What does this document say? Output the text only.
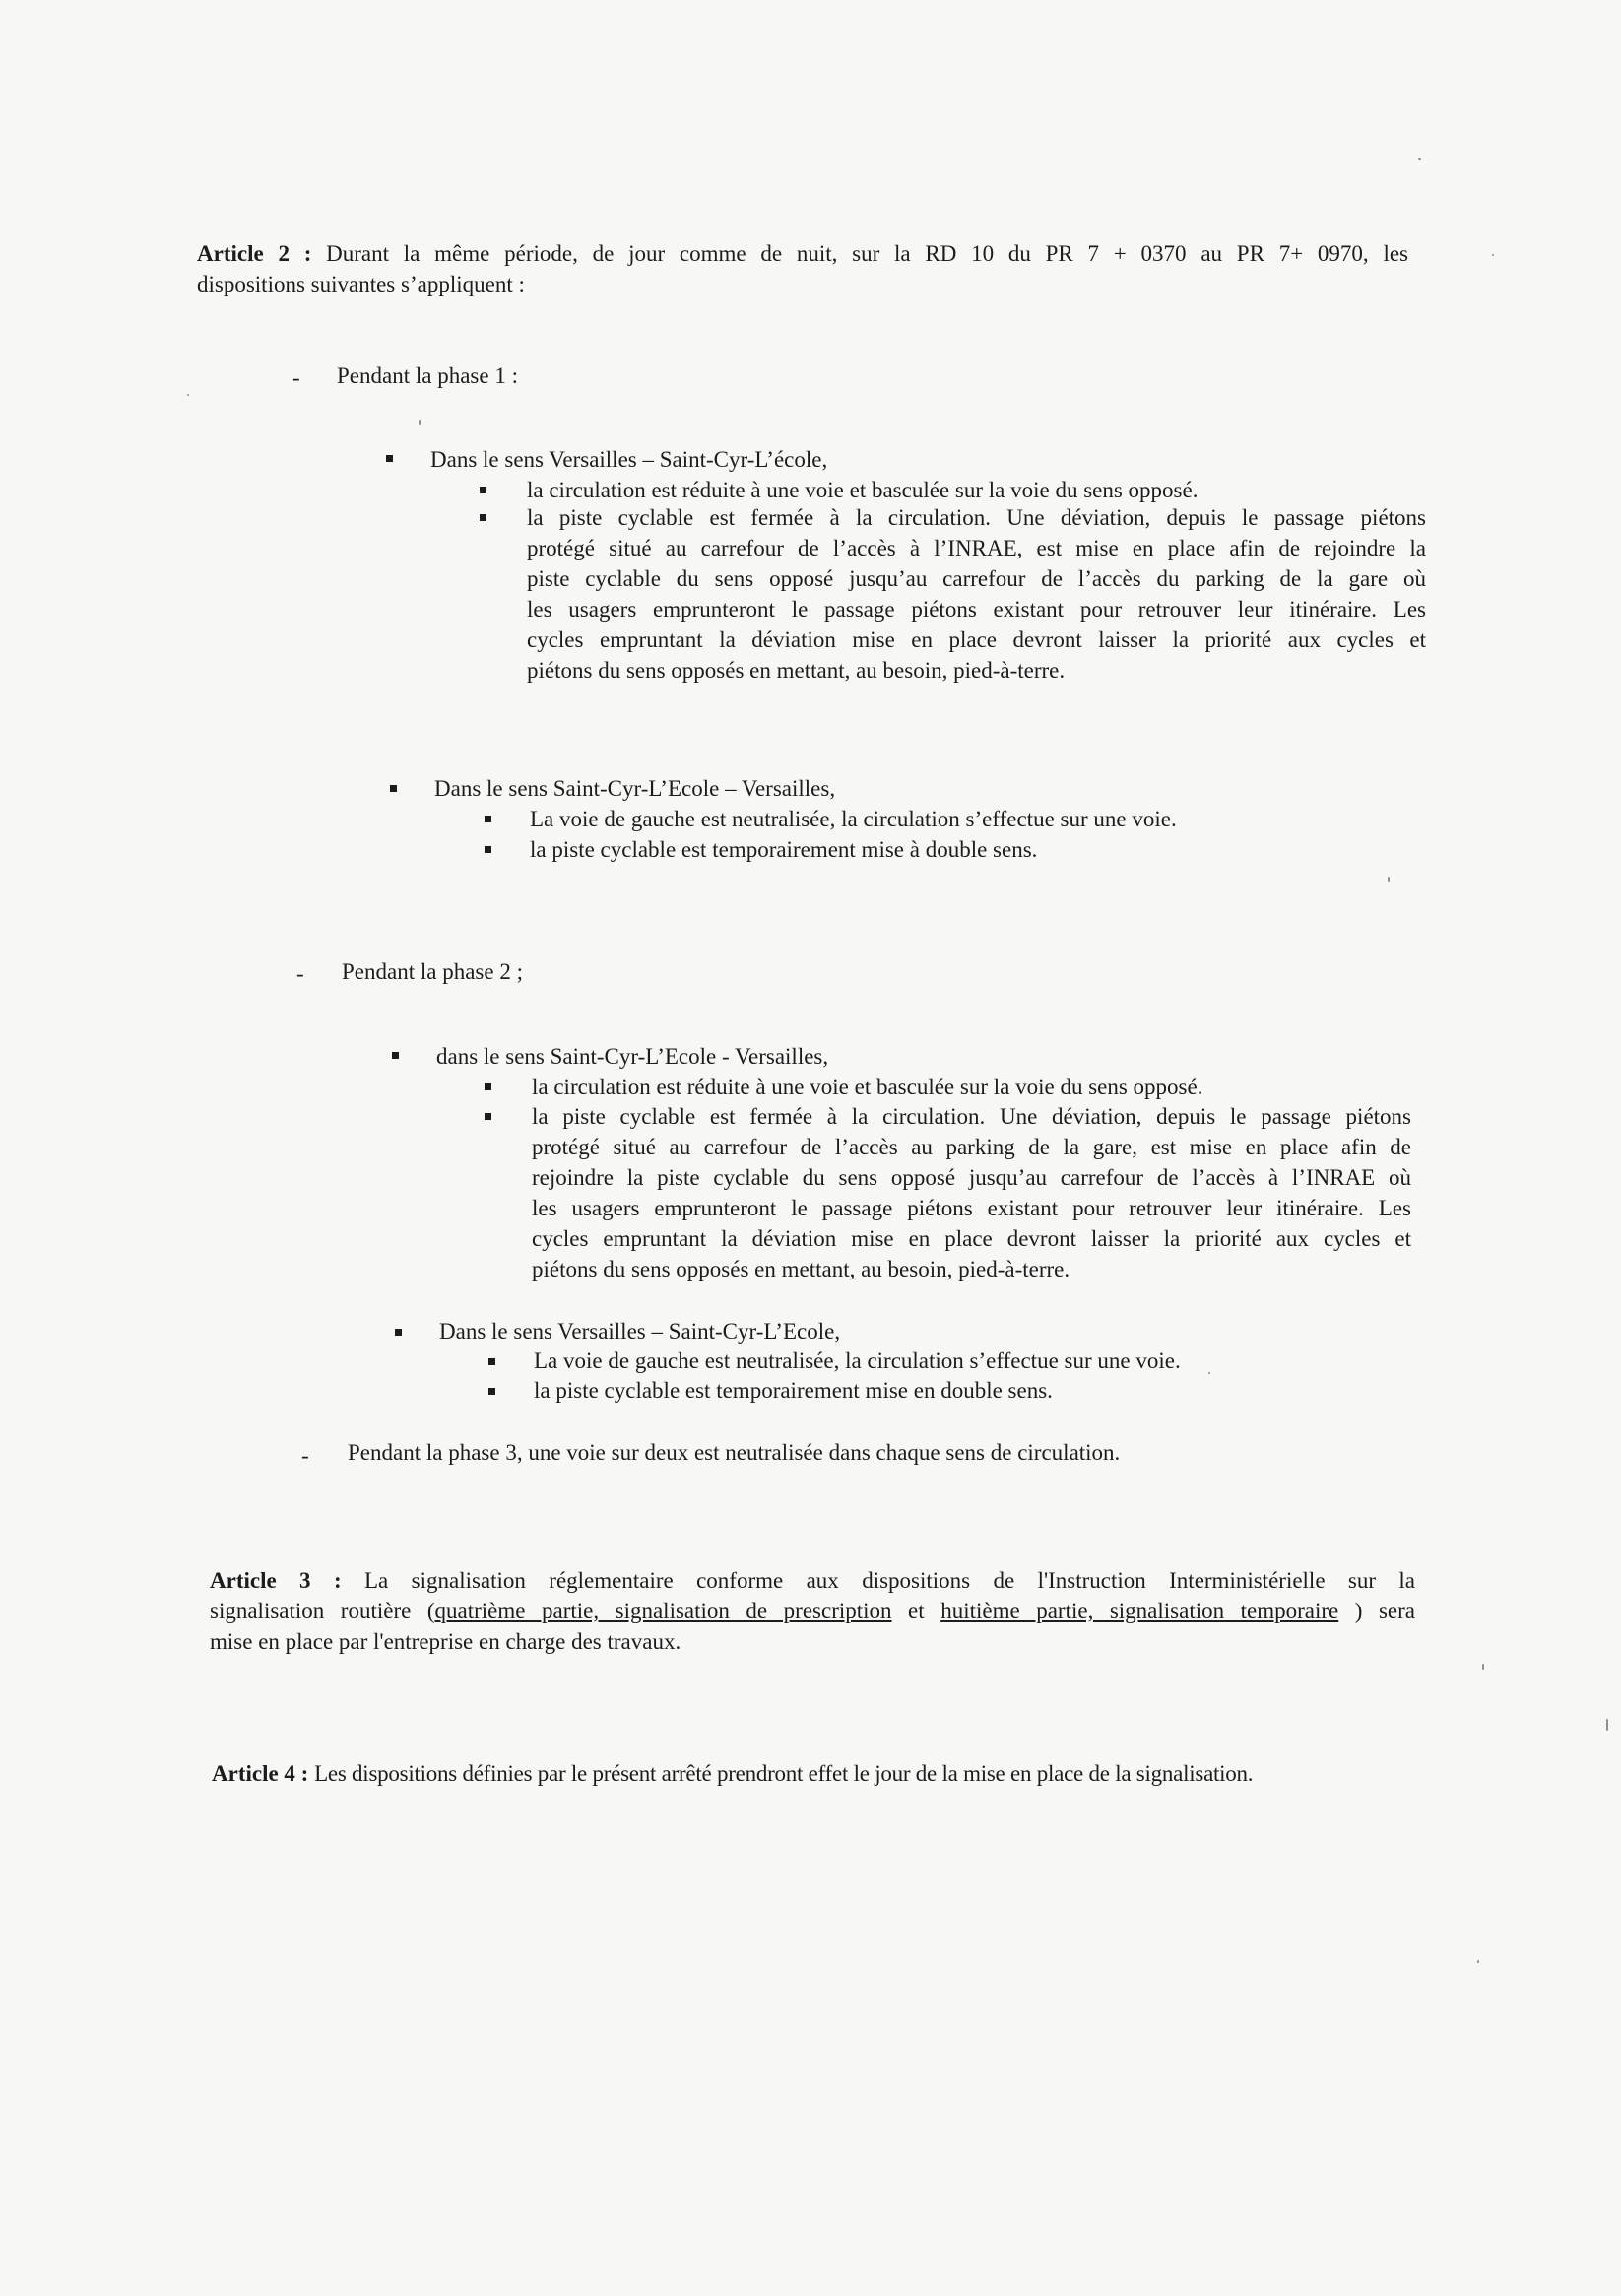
Article 2 : Durant la même période, de jour comme de nuit, sur la RD 10 du PR 7 + 0370 au PR 7+ 0970, les
dispositions suivantes s’appliquent :
- Pendant la phase 1 :
Dans le sens Versailles – Saint-Cyr-L’école,
la circulation est réduite à une voie et basculée sur la voie du sens opposé.
la piste cyclable est fermée à la circulation. Une déviation, depuis le passage piétons
protégé situé au carrefour de l’accès à l’INRAE, est mise en place afin de rejoindre la
piste cyclable du sens opposé jusqu’au carrefour de l’accès du parking de la gare où
les usagers emprunteront le passage piétons existant pour retrouver leur itinéraire. Les
cycles empruntant la déviation mise en place devront laisser la priorité aux cycles et
piétons du sens opposés en mettant, au besoin, pied-à-terre.
Dans le sens Saint-Cyr-L’Ecole – Versailles,
La voie de gauche est neutralisée, la circulation s’effectue sur une voie.
la piste cyclable est temporairement mise à double sens.
- Pendant la phase 2 ;
dans le sens Saint-Cyr-L’Ecole - Versailles,
la circulation est réduite à une voie et basculée sur la voie du sens opposé.
la piste cyclable est fermée à la circulation. Une déviation, depuis le passage piétons
protégé situé au carrefour de l’accès au parking de la gare, est mise en place afin de
rejoindre la piste cyclable du sens opposé jusqu’au carrefour de l’accès à l’INRAE où
les usagers emprunteront le passage piétons existant pour retrouver leur itinéraire. Les
cycles empruntant la déviation mise en place devront laisser la priorité aux cycles et
piétons du sens opposés en mettant, au besoin, pied-à-terre.
Dans le sens Versailles – Saint-Cyr-L’Ecole,
La voie de gauche est neutralisée, la circulation s’effectue sur une voie.
la piste cyclable est temporairement mise en double sens.
- Pendant la phase 3, une voie sur deux est neutralisée dans chaque sens de circulation.
Article 3 : La signalisation réglementaire conforme aux dispositions de l'Instruction Interministérielle sur la
signalisation routière (quatrième partie, signalisation de prescription et huitième partie, signalisation temporaire ) sera
mise en place par l'entreprise en charge des travaux.
Article 4 : Les dispositions définies par le présent arrêté prendront effet le jour de la mise en place de la signalisation.
